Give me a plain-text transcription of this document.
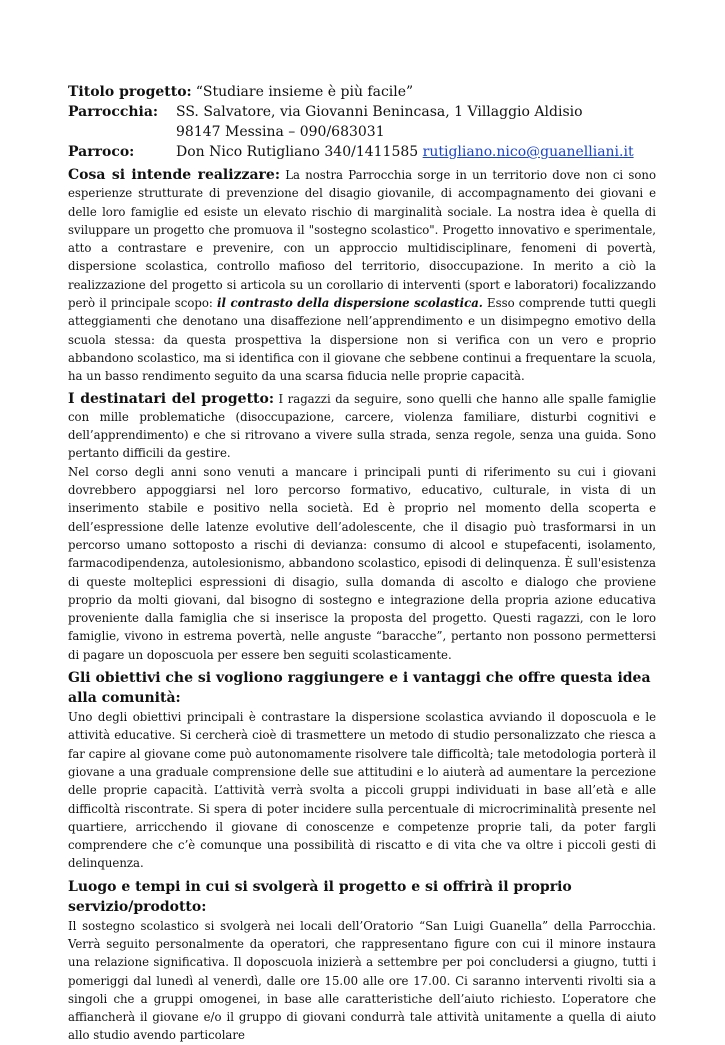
Titolo progetto: “Studiare insieme è più facile”
Parrocchia:	SS. Salvatore, via Giovanni Benincasa, 1 Villaggio Aldisio
98147 Messina – 090/683031
Parroco:	Don Nico Rutigliano 340/1411585 rutigliano.nico@guanelliani.it

Cosa si intende realizzare: La nostra Parrocchia sorge in un territorio dove non ci sono esperienze strutturate di prevenzione del disagio giovanile, di accompagnamento dei giovani e delle loro famiglie ed esiste un elevato rischio di marginalità sociale. La nostra idea è quella di sviluppare un progetto che promuova il "sostegno scolastico". Progetto innovativo e sperimentale, atto a contrastare e prevenire, con un approccio multidisciplinare, fenomeni di povertà, dispersione scolastica, controllo mafioso del territorio, disoccupazione. In merito a ciò la realizzazione del progetto si articola su un corollario di interventi (sport e laboratori) focalizzando però il principale scopo: il contrasto della dispersione scolastica. Esso comprende tutti quegli atteggiamenti che denotano una disaffezione nell’apprendimento e un disimpegno emotivo della scuola stessa: da questa prospettiva la dispersione non si verifica con un vero e proprio abbandono scolastico, ma si identifica con il giovane che sebbene continui a frequentare la scuola, ha un basso rendimento seguito da una scarsa fiducia nelle proprie capacità.

I destinatari del progetto: I ragazzi da seguire, sono quelli che hanno alle spalle famiglie con mille problematiche (disoccupazione, carcere, violenza familiare, disturbi cognitivi e dell’apprendimento) e che si ritrovano a vivere sulla strada, senza regole, senza una guida. Sono pertanto difficili da gestire.

Nel corso degli anni sono venuti a mancare i principali punti di riferimento su cui i giovani dovrebbero appoggiarsi nel loro percorso formativo, educativo, culturale, in vista di un inserimento stabile e positivo nella società. Ed è proprio nel momento della scoperta e dell’espressione delle latenze evolutive dell’adolescente, che il disagio può trasformarsi in un percorso umano sottoposto a rischi di devianza: consumo di alcool e stupefacenti, isolamento, farmacodipendenza, autolesionismo, abbandono scolastico, episodi di delinquenza. È sull'esistenza di queste molteplici espressioni di disagio, sulla domanda di ascolto e dialogo che proviene proprio da molti giovani, dal bisogno di sostegno e integrazione della propria azione educativa proveniente dalla famiglia che si inserisce la proposta del progetto. Questi ragazzi, con le loro famiglie, vivono in estrema povertà, nelle anguste “baracche”, pertanto non possono permettersi di pagare un doposcuola per essere ben seguiti scolasticamente.

Gli obiettivi che si vogliono raggiungere e i vantaggi che offre questa idea alla comunità:

Uno degli obiettivi principali è contrastare la dispersione scolastica avviando il doposcuola e le attività educative. Si cercherà cioè di trasmettere un metodo di studio personalizzato che riesca a far capire al giovane come può autonomamente risolvere tale difficoltà; tale metodologia porterà il giovane a una graduale comprensione delle sue attitudini e lo aiuterà ad aumentare la percezione delle proprie capacità. L’attività verrà svolta a piccoli gruppi individuati in base all’età e alle difficoltà riscontrate. Si spera di poter incidere sulla percentuale di microcriminalità presente nel quartiere, arricchendo il giovane di conoscenze e competenze proprie tali, da poter fargli comprendere che c’è comunque una possibilità di riscatto e di vita che va oltre i piccoli gesti di delinquenza.

Luogo e tempi in cui si svolgerà il progetto e si offrirà il proprio servizio/prodotto:

Il sostegno scolastico si svolgerà nei locali dell’Oratorio “San Luigi Guanella” della Parrocchia. Verrà seguito personalmente da operatori, che rappresentano figure con cui il minore instaura una relazione significativa. Il doposcuola inizierà a settembre per poi concludersi a giugno, tutti i pomeriggi dal lunedì al venerdì, dalle ore 15.00 alle ore 17.00. Ci saranno interventi rivolti sia a singoli che a gruppi omogenei, in base alle caratteristiche dell’aiuto richiesto. L’operatore che affiancherà il giovane e/o il gruppo di giovani condurrà tale attività unitamente a quella di aiuto allo studio avendo particolare
